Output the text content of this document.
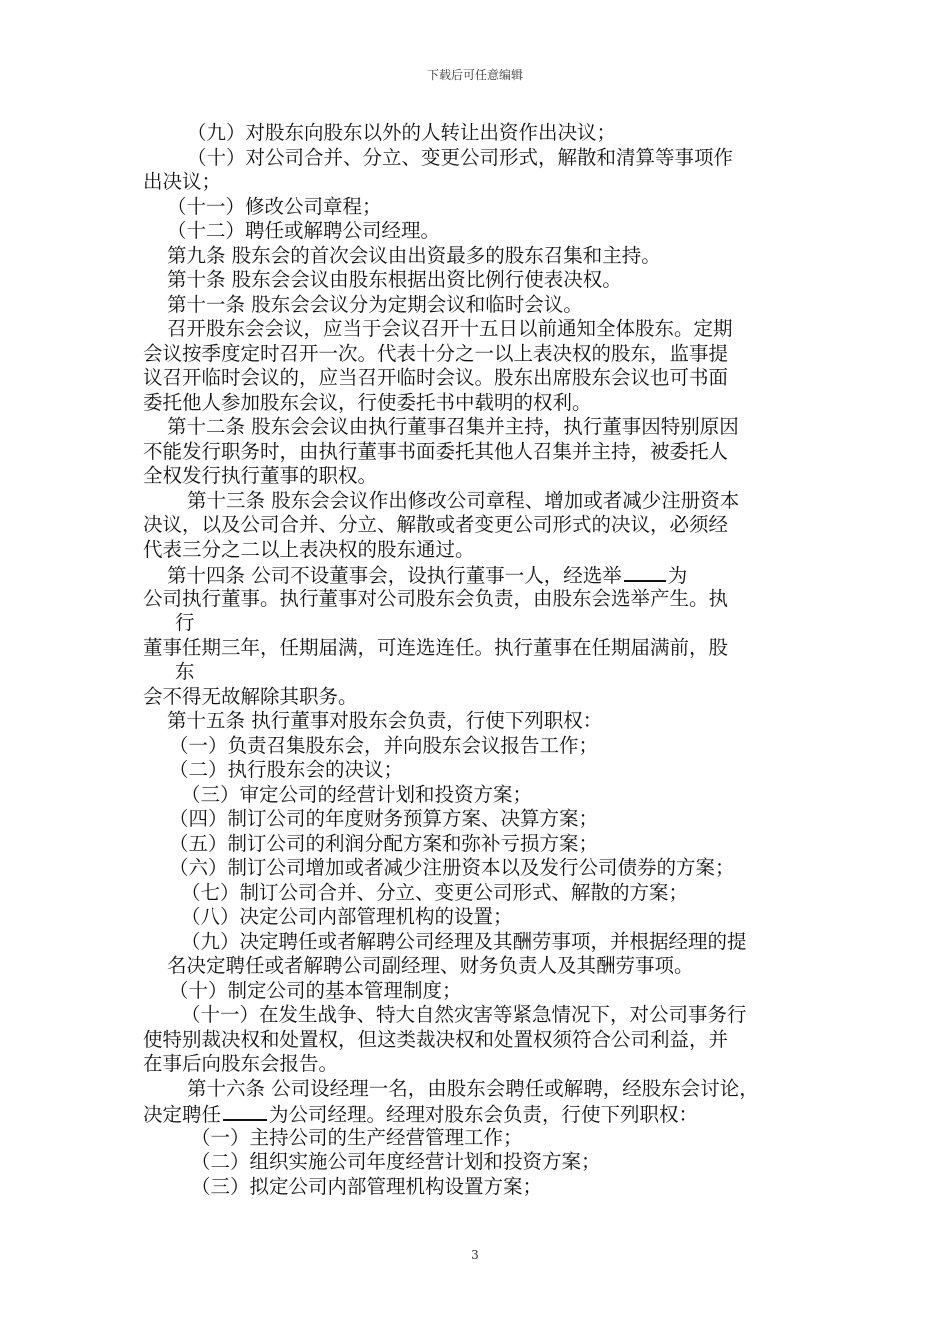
下载后可任意编辑
（九）对股东向股东以外的人转让出资作出决议；
（十）对公司合并、分立、变更公司形式，解散和清算等事项作
出决议；
（十一）修改公司章程；
（十二）聘任或解聘公司经理。
第九条 股东会的首次会议由出资最多的股东召集和主持。
第十条 股东会会议由股东根据出资比例行使表决权。
第十一条 股东会会议分为定期会议和临时会议。
召开股东会会议，应当于会议召开十五日以前通知全体股东。定期
会议按季度定时召开一次。代表十分之一以上表决权的股东，监事提
议召开临时会议的，应当召开临时会议。股东出席股东会议也可书面
委托他人参加股东会议，行使委托书中载明的权利。
第十二条 股东会会议由执行董事召集并主持，执行董事因特别原因
不能发行职务时，由执行董事书面委托其他人召集并主持，被委托人
全权发行执行董事的职权。
第十三条 股东会会议作出修改公司章程、增加或者减少注册资本
决议，以及公司合并、分立、解散或者变更公司形式的决议，必须经
代表三分之二以上表决权的股东通过。
第十四条 公司不设董事会，设执行董事一人，经选举 为
公司执行董事。执行董事对公司股东会负责，由股东会选举产生。执
行
董事任期三年，任期届满，可连选连任。执行董事在任期届满前，股
东
会不得无故解除其职务。
第十五条 执行董事对股东会负责，行使下列职权：
（一）负责召集股东会，并向股东会议报告工作；
（二）执行股东会的决议；
（三）审定公司的经营计划和投资方案；
（四）制订公司的年度财务预算方案、决算方案；
（五）制订公司的利润分配方案和弥补亏损方案；
（六）制订公司增加或者减少注册资本以及发行公司债券的方案；
（七）制订公司合并、分立、变更公司形式、解散的方案；
（八）决定公司内部管理机构的设置；
（九）决定聘任或者解聘公司经理及其酬劳事项，并根据经理的提
名决定聘任或者解聘公司副经理、财务负责人及其酬劳事项。
（十）制定公司的基本管理制度；
（十一）在发生战争、特大自然灾害等紧急情况下，对公司事务行
使特别裁决权和处置权，但这类裁决权和处置权须符合公司利益，并
在事后向股东会报告。
第十六条 公司设经理一名，由股东会聘任或解聘，经股东会讨论，
决定聘任 为公司经理。经理对股东会负责，行使下列职权：
（一）主持公司的生产经营管理工作；
（二）组织实施公司年度经营计划和投资方案；
（三）拟定公司内部管理机构设置方案；
3
